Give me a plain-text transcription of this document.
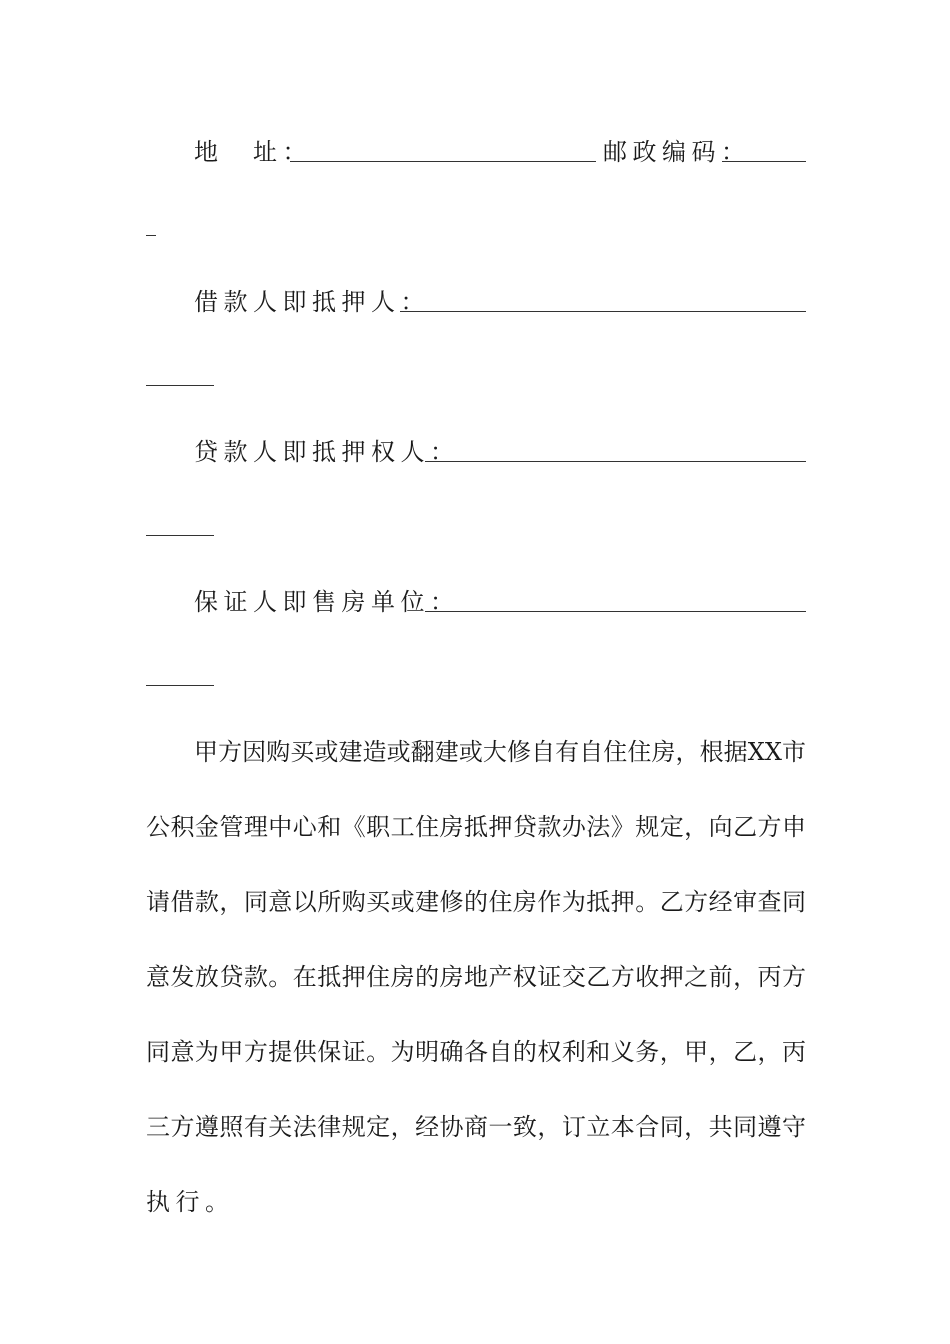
地　址：	邮政编码：
借款人即抵押人：
贷款人即抵押权人：
保证人即售房单位：
甲方因购买或建造或翻建或大修自有自住住房，根据XX市
公积金管理中心和《职工住房抵押贷款办法》规定，向乙方申
请借款，同意以所购买或建修的住房作为抵押。乙方经审查同
意发放贷款。在抵押住房的房地产权证交乙方收押之前，丙方
同意为甲方提供保证。为明确各自的权利和义务，甲，乙，丙
三方遵照有关法律规定，经协商一致，订立本合同，共同遵守
执行。
